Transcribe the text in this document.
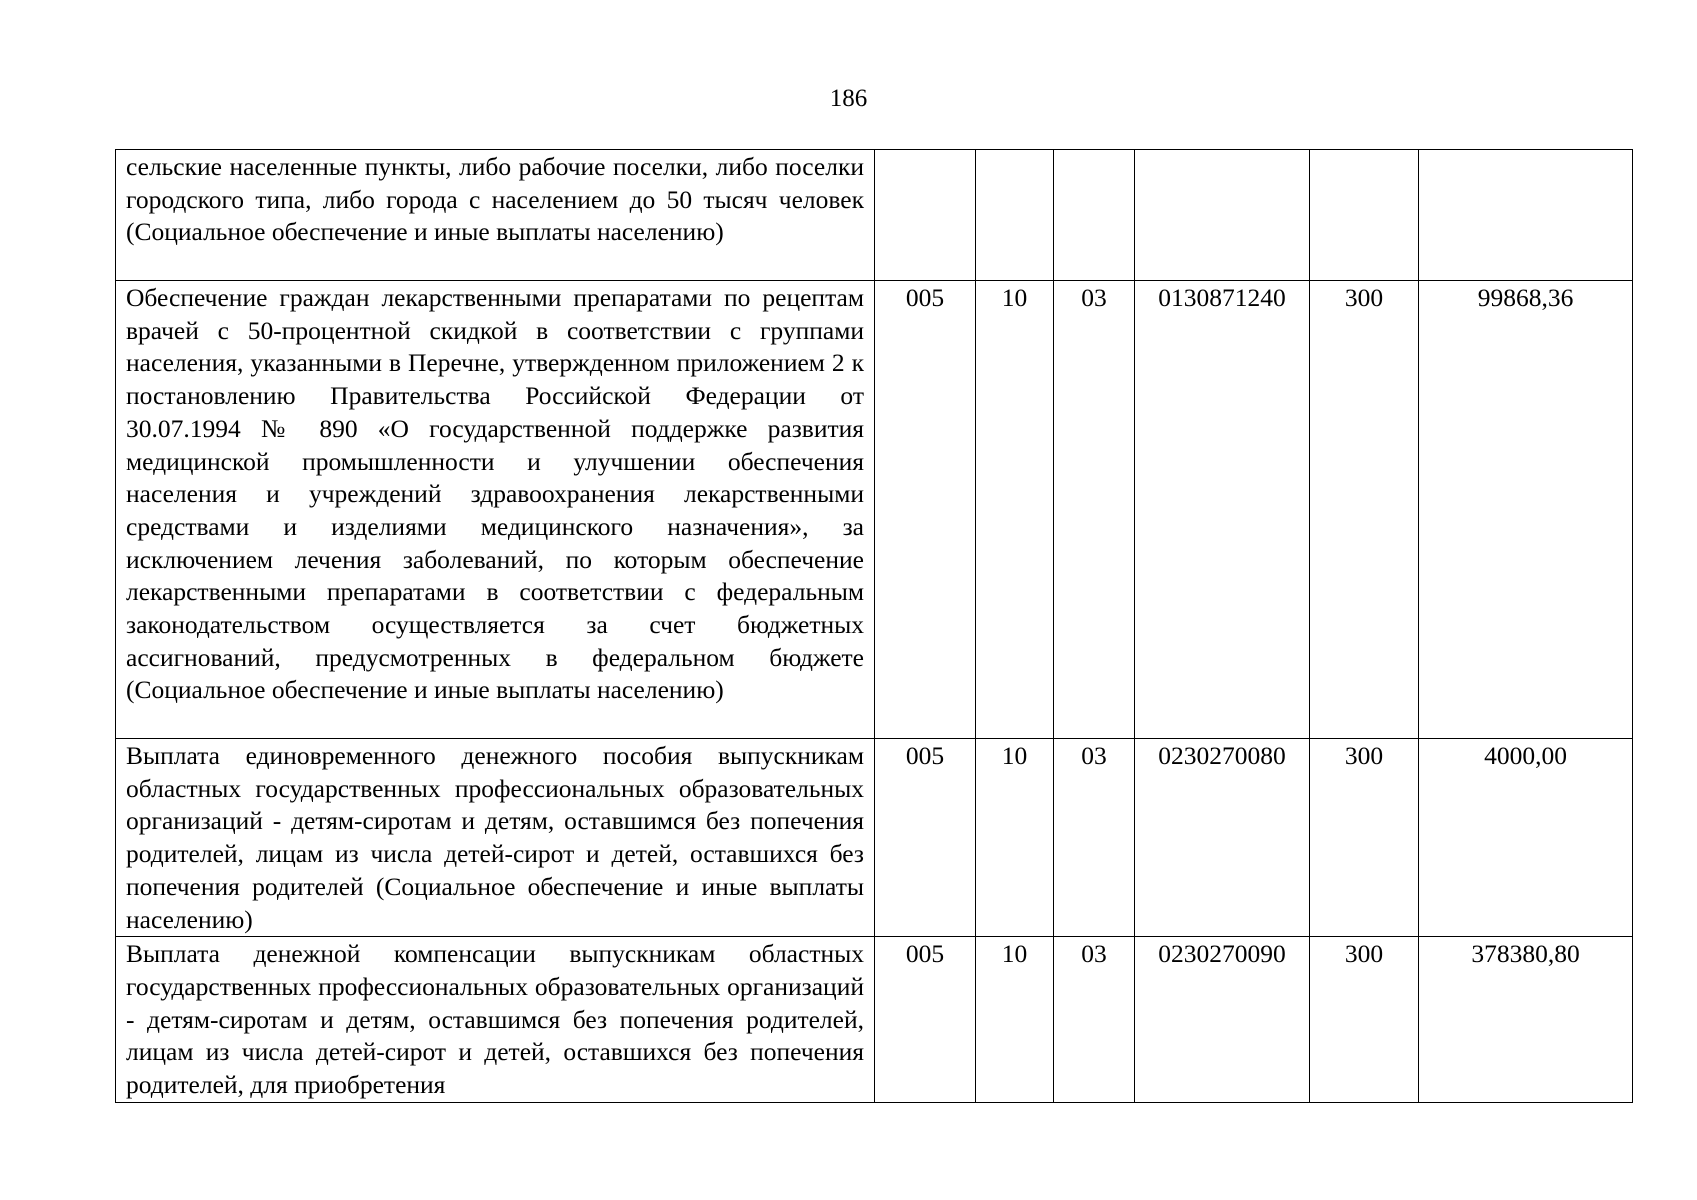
186
сельские населенные пункты, либо рабочие поселки, либо поселки городского типа, либо города с населением до 50 тысяч человек (Социальное обеспечение и иные выплаты населению)						
Обеспечение граждан лекарственными препаратами по рецептам врачей с 50-процентной скидкой в соответствии с группами населения, указанными в Перечне, утвержденном приложением 2 к постановлению Правительства Российской Федерации от 30.07.1994 № 890 «О государственной поддержке развития медицинской промышленности и улучшении обеспечения населения и учреждений здравоохранения лекарственными средствами и изделиями медицинского назначения», за исключением лечения заболеваний, по которым обеспечение лекарственными препаратами в соответствии с федеральным законодательством осуществляется за счет бюджетных ассигнований, предусмотренных в федеральном бюджете (Социальное обеспечение и иные выплаты населению)	005	10	03	0130871240	300	99868,36
Выплата единовременного денежного пособия выпускникам областных государственных профессиональных образовательных организаций - детям-сиротам и детям, оставшимся без попечения родителей, лицам из числа детей-сирот и детей, оставшихся без попечения родителей (Социальное обеспечение и иные выплаты населению)	005	10	03	0230270080	300	4000,00
Выплата денежной компенсации выпускникам областных государственных профессиональных образовательных организаций - детям-сиротам и детям, оставшимся без попечения родителей, лицам из числа детей-сирот и детей, оставшихся без попечения родителей, для приобретения	005	10	03	0230270090	300	378380,80
